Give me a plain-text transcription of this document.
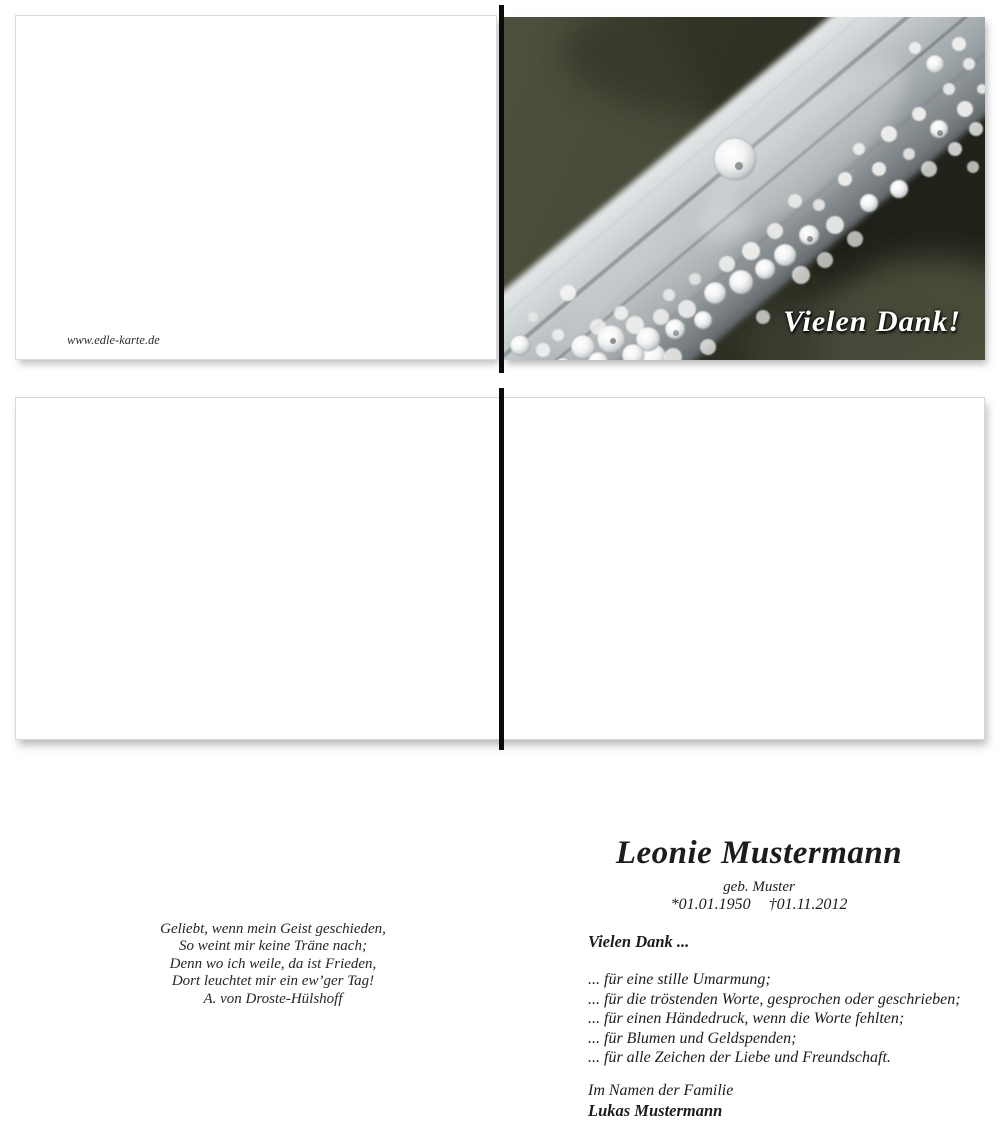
www.edle-karte.de
Vielen Dank!
Geliebt, wenn mein Geist geschieden,
So weint mir keine Träne nach;
Denn wo ich weile, da ist Frieden,
Dort leuchtet mir ein ew’ger Tag!
A. von Droste-Hülshoff
Leonie Mustermann
geb. Muster
*01.01.1950 †01.11.2012
Vielen Dank ...
... für eine stille Umarmung;
... für die tröstenden Worte, gesprochen oder geschrieben;
... für einen Händedruck, wenn die Worte fehlten;
... für Blumen und Geldspenden;
... für alle Zeichen der Liebe und Freundschaft.
Im Namen der Familie
Lukas Mustermann
